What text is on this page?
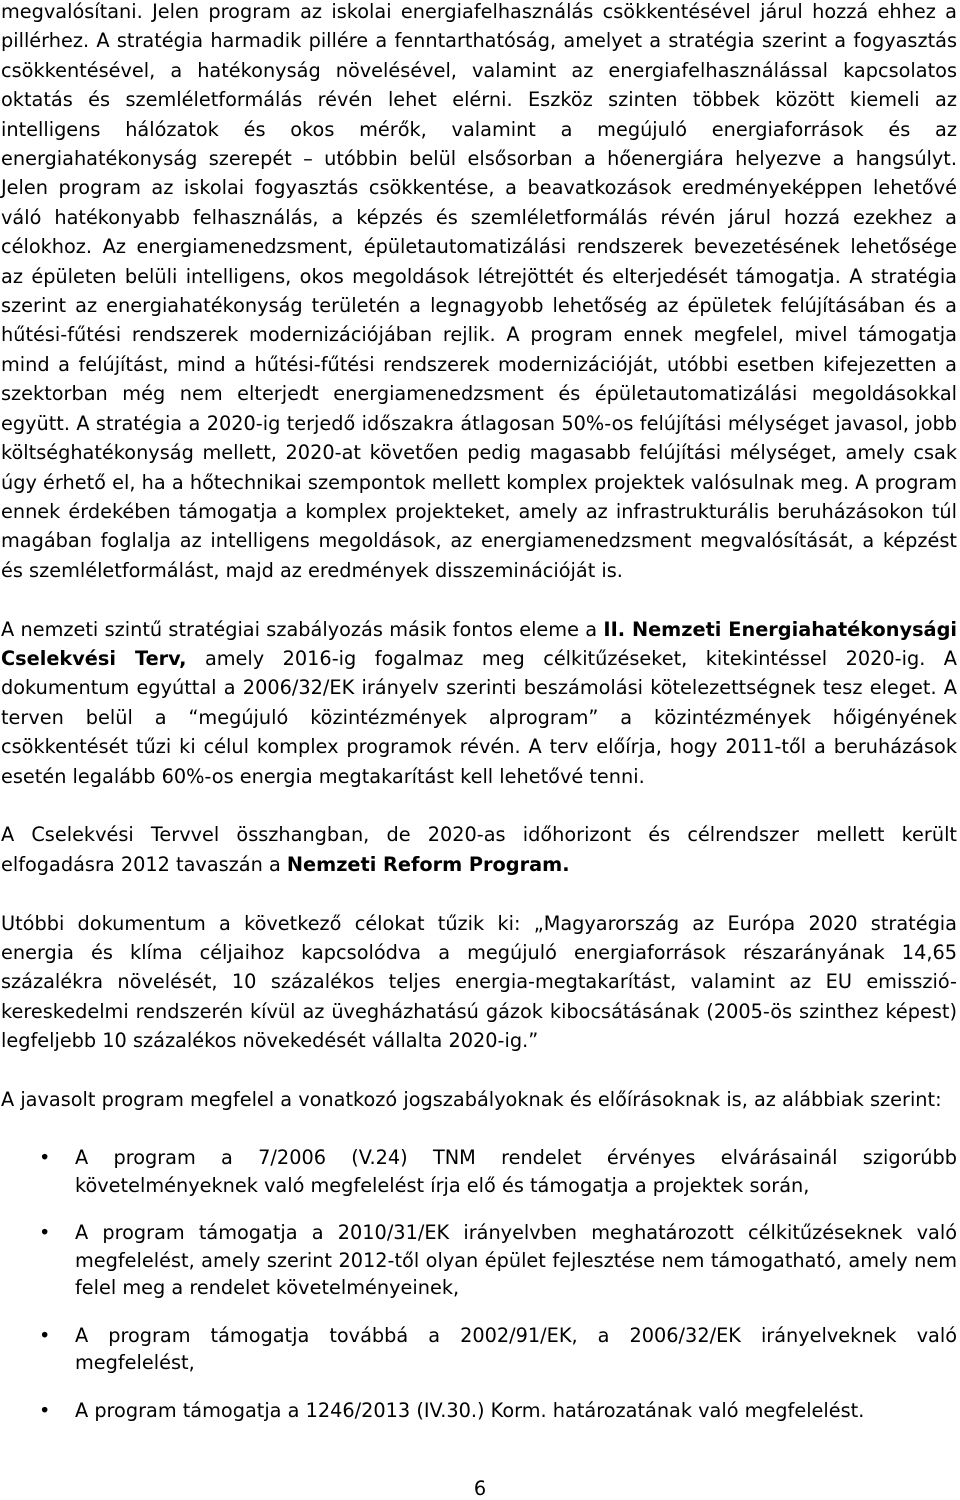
megvalósítani. Jelen program az iskolai energiafelhasználás csökkentésével járul hozzá ehhez a pillérhez. A stratégia harmadik pillére a fenntarthatóság, amelyet a stratégia szerint a fogyasztás csökkentésével, a hatékonyság növelésével, valamint az energiafelhasználással kapcsolatos oktatás és szemléletformálás révén lehet elérni. Eszköz szinten többek között kiemeli az intelligens hálózatok és okos mérők, valamint a megújuló energiaforrások és az energiahatékonyság szerepét – utóbbin belül elsősorban a hőenergiára helyezve a hangsúlyt. Jelen program az iskolai fogyasztás csökkentése, a beavatkozások eredményeképpen lehetővé váló hatékonyabb felhasználás, a képzés és szemléletformálás révén járul hozzá ezekhez a célokhoz. Az energiamenedzsment, épületautomatizálási rendszerek bevezetésének lehetősége az épületen belüli intelligens, okos megoldások létrejöttét és elterjedését támogatja. A stratégia szerint az energiahatékonyság területén a legnagyobb lehetőség az épületek felújításában és a hűtési-fűtési rendszerek modernizációjában rejlik. A program ennek megfelel, mivel támogatja mind a felújítást, mind a hűtési-fűtési rendszerek modernizációját, utóbbi esetben kifejezetten a szektorban még nem elterjedt energiamenedzsment és épületautomatizálási megoldásokkal együtt. A stratégia a 2020-ig terjedő időszakra átlagosan 50%-os felújítási mélységet javasol, jobb költséghatékonyság mellett, 2020-at követően pedig magasabb felújítási mélységet, amely csak úgy érhető el, ha a hőtechnikai szempontok mellett komplex projektek valósulnak meg. A program ennek érdekében támogatja a komplex projekteket, amely az infrastrukturális beruházásokon túl magában foglalja az intelligens megoldások, az energiamenedzsment megvalósítását, a képzést és szemléletformálást, majd az eredmények disszeminációját is.

A nemzeti szintű stratégiai szabályozás másik fontos eleme a II. Nemzeti Energiahatékonysági Cselekvési Terv, amely 2016-ig fogalmaz meg célkitűzéseket, kitekintéssel 2020-ig. A dokumentum egyúttal a 2006/32/EK irányelv szerinti beszámolási kötelezettségnek tesz eleget. A terven belül a “megújuló közintézmények alprogram” a közintézmények hőigényének csökkentését tűzi ki célul komplex programok révén. A terv előírja, hogy 2011-től a beruházások esetén legalább 60%-os energia megtakarítást kell lehetővé tenni.

A Cselekvési Tervvel összhangban, de 2020-as időhorizont és célrendszer mellett került elfogadásra 2012 tavaszán a Nemzeti Reform Program.

Utóbbi dokumentum a következő célokat tűzik ki: „Magyarország az Európa 2020 stratégia energia és klíma céljaihoz kapcsolódva a megújuló energiaforrások részarányának 14,65 százalékra növelését, 10 százalékos teljes energia-megtakarítást, valamint az EU emisszió-kereskedelmi rendszerén kívül az üvegházhatású gázok kibocsátásának (2005-ös szinthez képest) legfeljebb 10 százalékos növekedését vállalta 2020-ig.”

A javasolt program megfelel a vonatkozó jogszabályoknak és előírásoknak is, az alábbiak szerint:

• A program a 7/2006 (V.24) TNM rendelet érvényes elvárásainál szigorúbb követelményeknek való megfelelést írja elő és támogatja a projektek során,
• A program támogatja a 2010/31/EK irányelvben meghatározott célkitűzéseknek való megfelelést, amely szerint 2012-től olyan épület fejlesztése nem támogatható, amely nem felel meg a rendelet követelményeinek,
• A program támogatja továbbá a 2002/91/EK, a 2006/32/EK irányelveknek való megfelelést,
• A program támogatja a 1246/2013 (IV.30.) Korm. határozatának való megfelelést.
6
